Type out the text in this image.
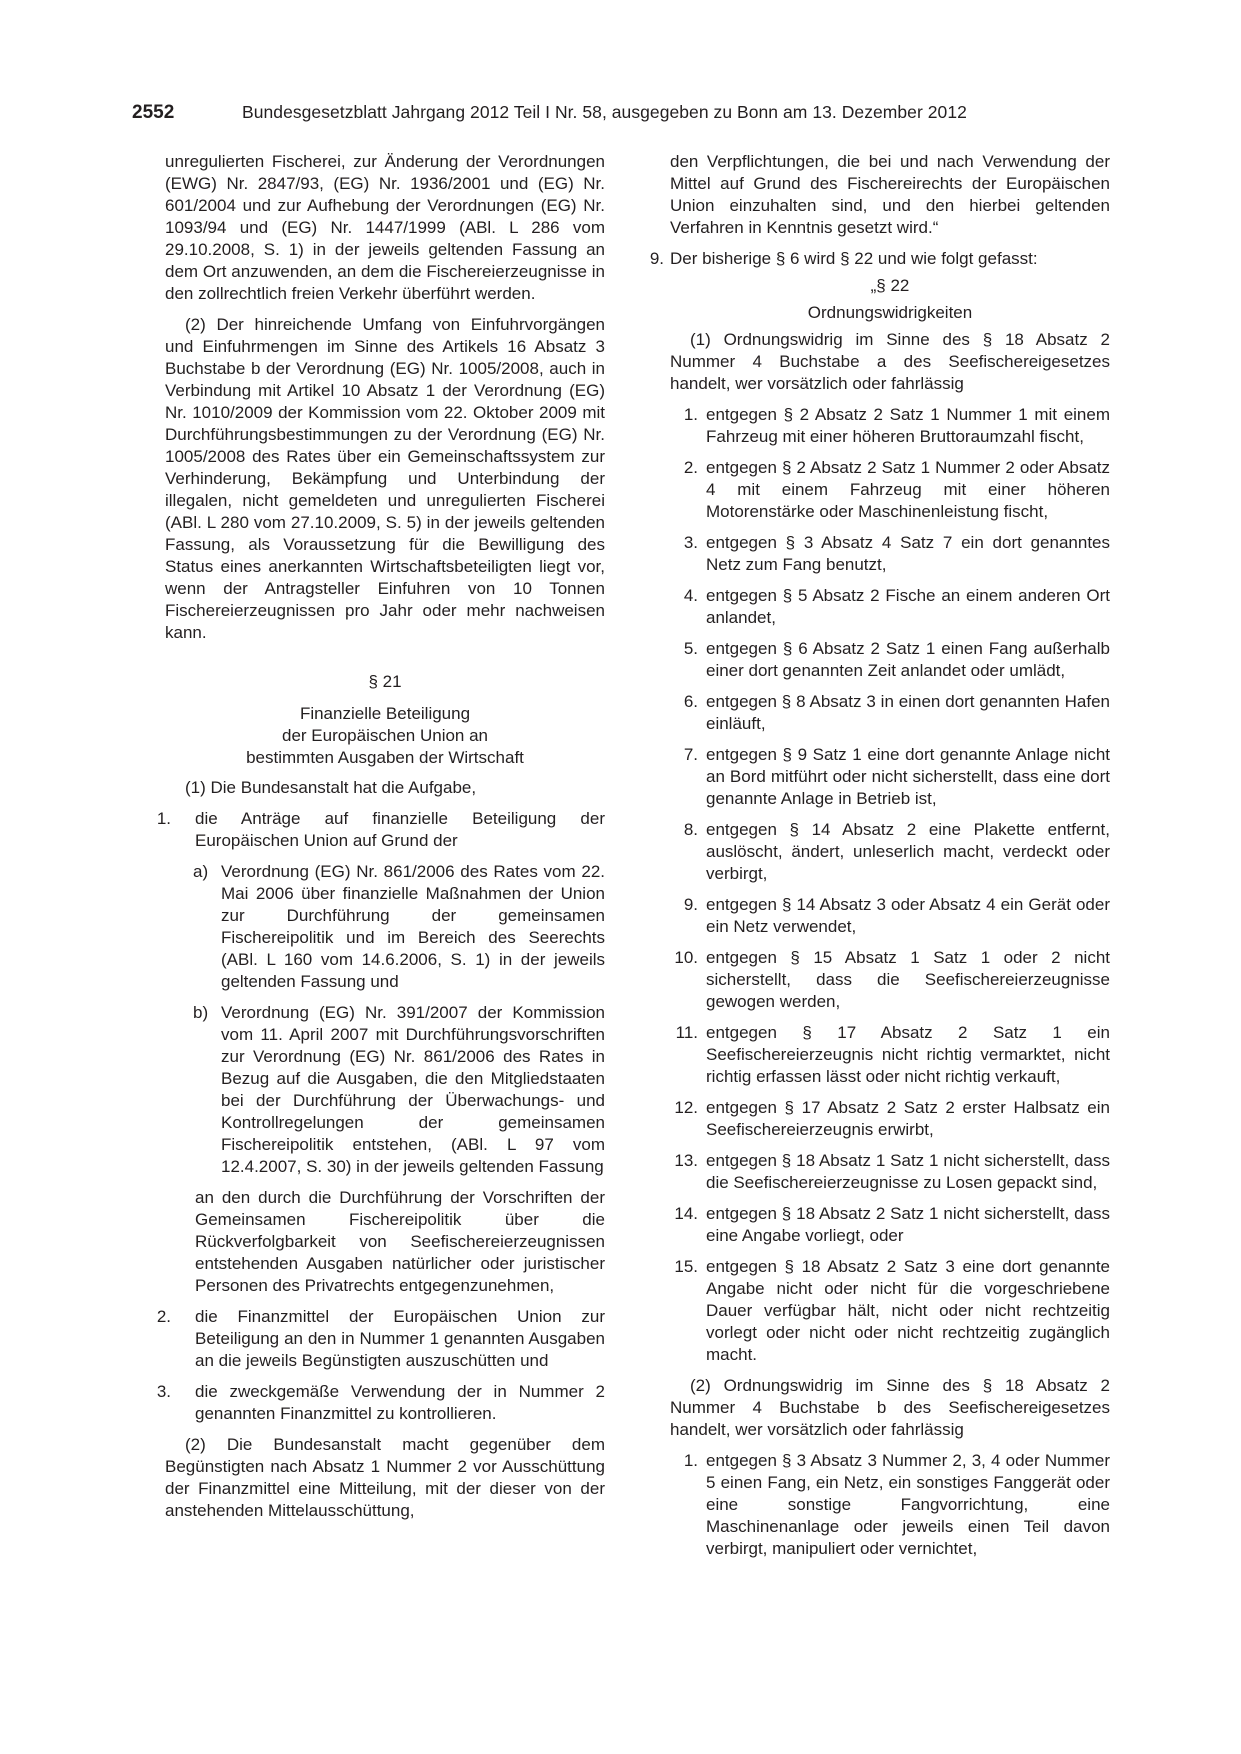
2552	Bundesgesetzblatt Jahrgang 2012 Teil I Nr. 58, ausgegeben zu Bonn am 13. Dezember 2012

unregulierten Fischerei, zur Änderung der Verordnungen (EWG) Nr. 2847/93, (EG) Nr. 1936/2001 und (EG) Nr. 601/2004 und zur Aufhebung der Verordnungen (EG) Nr. 1093/94 und (EG) Nr. 1447/1999 (ABl. L 286 vom 29.10.2008, S. 1) in der jeweils geltenden Fassung an dem Ort anzuwenden, an dem die Fischereierzeugnisse in den zollrechtlich freien Verkehr überführt werden.

(2) Der hinreichende Umfang von Einfuhrvorgängen und Einfuhrmengen im Sinne des Artikels 16 Absatz 3 Buchstabe b der Verordnung (EG) Nr. 1005/2008, auch in Verbindung mit Artikel 10 Absatz 1 der Verordnung (EG) Nr. 1010/2009 der Kommission vom 22. Oktober 2009 mit Durchführungsbestimmungen zu der Verordnung (EG) Nr. 1005/2008 des Rates über ein Gemeinschaftssystem zur Verhinderung, Bekämpfung und Unterbindung der illegalen, nicht gemeldeten und unregulierten Fischerei (ABl. L 280 vom 27.10.2009, S. 5) in der jeweils geltenden Fassung, als Voraussetzung für die Bewilligung des Status eines anerkannten Wirtschaftsbeteiligten liegt vor, wenn der Antragsteller Einfuhren von 10 Tonnen Fischereierzeugnissen pro Jahr oder mehr nachweisen kann.

§ 21

Finanzielle Beteiligung

der Europäischen Union an

bestimmten Ausgaben der Wirtschaft

(1) Die Bundesanstalt hat die Aufgabe,

1. die Anträge auf finanzielle Beteiligung der Europäischen Union auf Grund der
a) Verordnung (EG) Nr. 861/2006 des Rates vom 22. Mai 2006 über finanzielle Maßnahmen der Union zur Durchführung der gemeinsamen Fischereipolitik und im Bereich des Seerechts (ABl. L 160 vom 14.6.2006, S. 1) in der jeweils geltenden Fassung und
b) Verordnung (EG) Nr. 391/2007 der Kommission vom 11. April 2007 mit Durchführungsvorschriften zur Verordnung (EG) Nr. 861/2006 des Rates in Bezug auf die Ausgaben, die den Mitgliedstaaten bei der Durchführung der Überwachungs- und Kontrollregelungen der gemeinsamen Fischereipolitik entstehen, (ABl. L 97 vom 12.4.2007, S. 30) in der jeweils geltenden Fassung

an den durch die Durchführung der Vorschriften der Gemeinsamen Fischereipolitik über die Rückverfolgbarkeit von Seefischereierzeugnissen entstehenden Ausgaben natürlicher oder juristischer Personen des Privatrechts entgegenzunehmen,

2. die Finanzmittel der Europäischen Union zur Beteiligung an den in Nummer 1 genannten Ausgaben an die jeweils Begünstigten auszuschütten und
3. die zweckgemäße Verwendung der in Nummer 2 genannten Finanzmittel zu kontrollieren.

(2) Die Bundesanstalt macht gegenüber dem Begünstigten nach Absatz 1 Nummer 2 vor Ausschüttung der Finanzmittel eine Mitteilung, mit der dieser von der anstehenden Mittelausschüttung,

den Verpflichtungen, die bei und nach Verwendung der Mittel auf Grund des Fischereirechts der Europäischen Union einzuhalten sind, und den hierbei geltenden Verfahren in Kenntnis gesetzt wird.“

9. Der bisherige § 6 wird § 22 und wie folgt gefasst:

„§ 22

Ordnungswidrigkeiten

(1) Ordnungswidrig im Sinne des § 18 Absatz 2 Nummer 4 Buchstabe a des Seefischereigesetzes handelt, wer vorsätzlich oder fahrlässig

1. entgegen § 2 Absatz 2 Satz 1 Nummer 1 mit einem Fahrzeug mit einer höheren Bruttoraumzahl fischt,
2. entgegen § 2 Absatz 2 Satz 1 Nummer 2 oder Absatz 4 mit einem Fahrzeug mit einer höheren Motorenstärke oder Maschinenleistung fischt,
3. entgegen § 3 Absatz 4 Satz 7 ein dort genanntes Netz zum Fang benutzt,
4. entgegen § 5 Absatz 2 Fische an einem anderen Ort anlandet,
5. entgegen § 6 Absatz 2 Satz 1 einen Fang außerhalb einer dort genannten Zeit anlandet oder umlädt,
6. entgegen § 8 Absatz 3 in einen dort genannten Hafen einläuft,
7. entgegen § 9 Satz 1 eine dort genannte Anlage nicht an Bord mitführt oder nicht sicherstellt, dass eine dort genannte Anlage in Betrieb ist,
8. entgegen § 14 Absatz 2 eine Plakette entfernt, auslöscht, ändert, unleserlich macht, verdeckt oder verbirgt,
9. entgegen § 14 Absatz 3 oder Absatz 4 ein Gerät oder ein Netz verwendet,
10. entgegen § 15 Absatz 1 Satz 1 oder 2 nicht sicherstellt, dass die Seefischereierzeugnisse gewogen werden,
11. entgegen § 17 Absatz 2 Satz 1 ein Seefischereierzeugnis nicht richtig vermarktet, nicht richtig erfassen lässt oder nicht richtig verkauft,
12. entgegen § 17 Absatz 2 Satz 2 erster Halbsatz ein Seefischereierzeugnis erwirbt,
13. entgegen § 18 Absatz 1 Satz 1 nicht sicherstellt, dass die Seefischereierzeugnisse zu Losen gepackt sind,
14. entgegen § 18 Absatz 2 Satz 1 nicht sicherstellt, dass eine Angabe vorliegt, oder
15. entgegen § 18 Absatz 2 Satz 3 eine dort genannte Angabe nicht oder nicht für die vorgeschriebene Dauer verfügbar hält, nicht oder nicht rechtzeitig vorlegt oder nicht oder nicht rechtzeitig zugänglich macht.

(2) Ordnungswidrig im Sinne des § 18 Absatz 2 Nummer 4 Buchstabe b des Seefischereigesetzes handelt, wer vorsätzlich oder fahrlässig

1. entgegen § 3 Absatz 3 Nummer 2, 3, 4 oder Nummer 5 einen Fang, ein Netz, ein sonstiges Fanggerät oder eine sonstige Fangvorrichtung, eine Maschinenanlage oder jeweils einen Teil davon verbirgt, manipuliert oder vernichtet,
